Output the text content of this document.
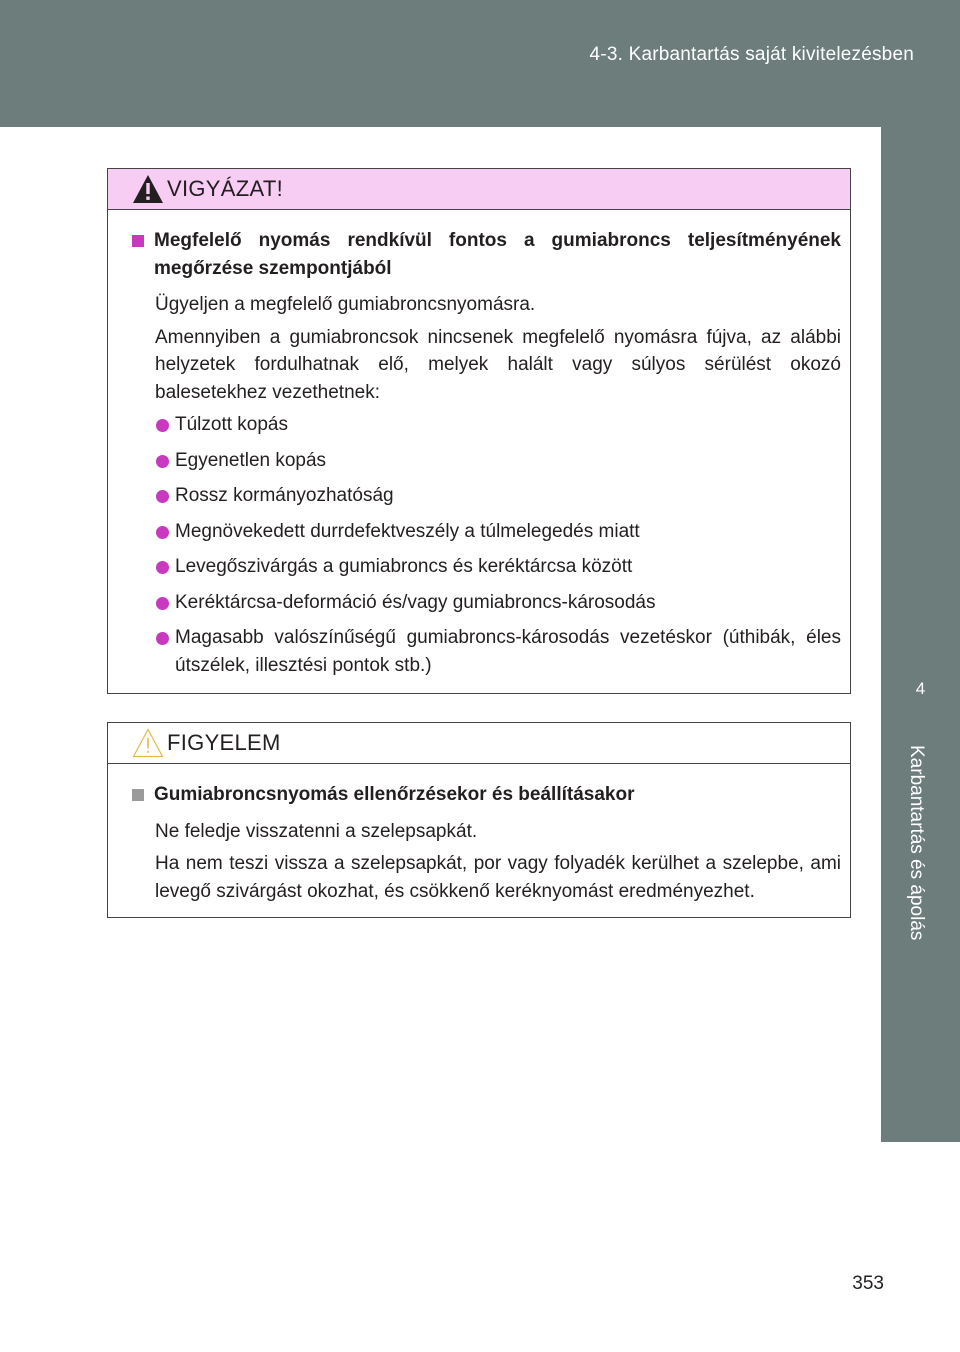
4-3. Karbantartás saját kivitelezésben
4
Karbantartás és ápolás
VIGYÁZAT!
Megfelelő nyomás rendkívül fontos a gumiabroncs teljesítményének megőrzése szempontjából
Ügyeljen a megfelelő gumiabroncsnyomásra.
Amennyiben a gumiabroncsok nincsenek megfelelő nyomásra fújva, az alábbi helyzetek fordulhatnak elő, melyek halált vagy súlyos sérülést okozó balesetekhez vezethetnek:
Túlzott kopás
Egyenetlen kopás
Rossz kormányozhatóság
Megnövekedett durrdefektveszély a túlmelegedés miatt
Levegőszivárgás a gumiabroncs és keréktárcsa között
Keréktárcsa-deformáció és/vagy gumiabroncs-károsodás
Magasabb valószínűségű gumiabroncs-károsodás vezetéskor (úthibák, éles útszélek, illesztési pontok stb.)
FIGYELEM
Gumiabroncsnyomás ellenőrzésekor és beállításakor
Ne feledje visszatenni a szelepsapkát.
Ha nem teszi vissza a szelepsapkát, por vagy folyadék kerülhet a szelepbe, ami levegő szivárgást okozhat, és csökkenő keréknyomást eredményezhet.
353
